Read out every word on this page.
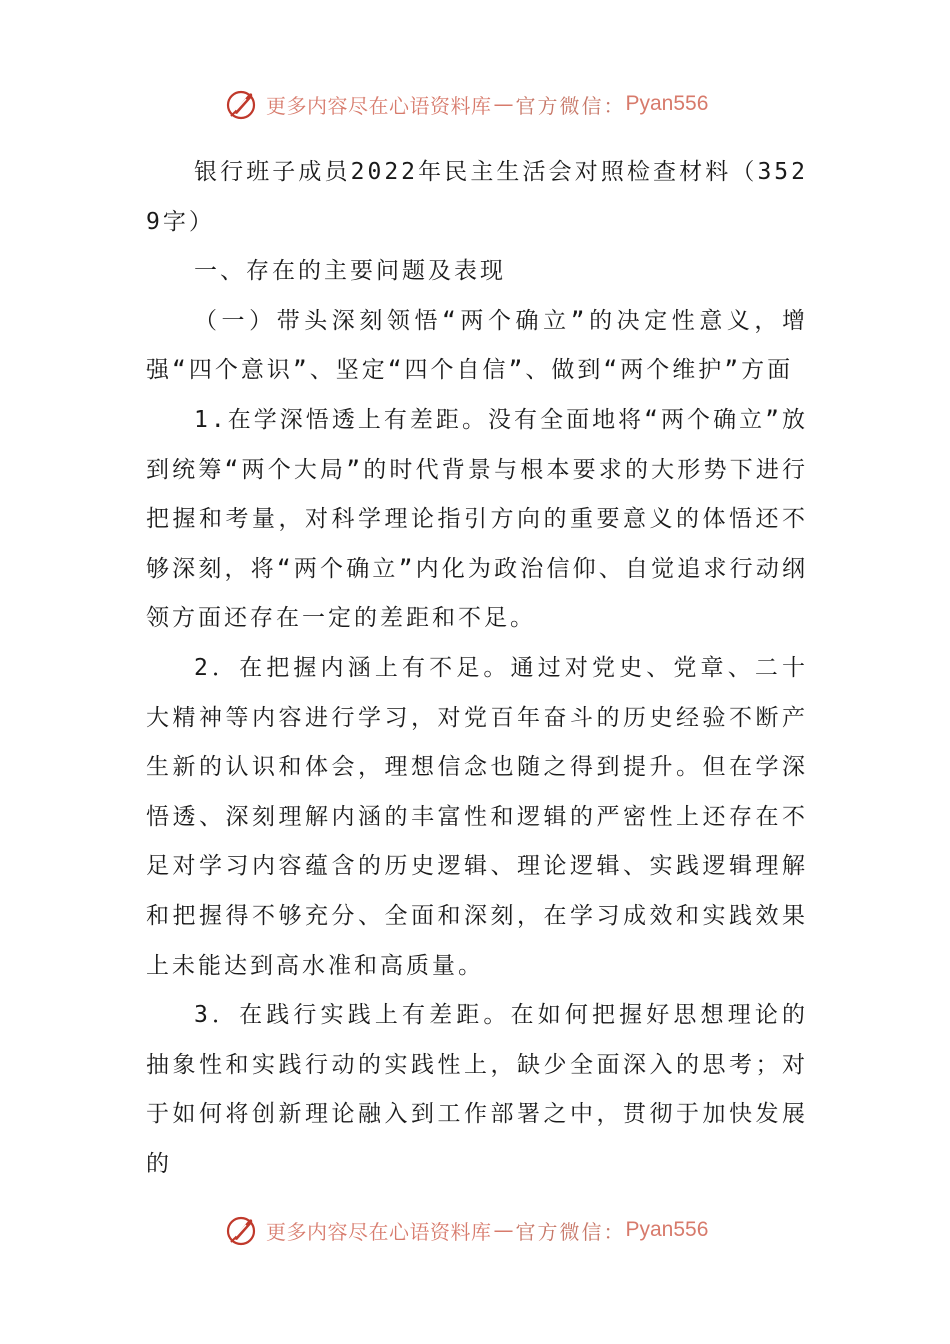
更多内容尽在心语资料库 — 官方微信： Pyan556

银行班子成员2022年民主生活会对照检查材料（3529字）

一、存在的主要问题及表现

（一）带头深刻领悟“两个确立”的决定性意义，增强“四个意识”、坚定“四个自信”、做到“两个维护”方面

1.在学深悟透上有差距。没有全面地将“两个确立”放到统筹“两个大局”的时代背景与根本要求的大形势下进行把握和考量，对科学理论指引方向的重要意义的体悟还不够深刻，将“两个确立”内化为政治信仰、自觉追求行动纲领方面还存在一定的差距和不足。

2．在把握内涵上有不足。通过对党史、党章、二十大精神等内容进行学习，对党百年奋斗的历史经验不断产生新的认识和体会，理想信念也随之得到提升。但在学深悟透、深刻理解内涵的丰富性和逻辑的严密性上还存在不足对学习内容蕴含的历史逻辑、理论逻辑、实践逻辑理解和把握得不够充分、全面和深刻，在学习成效和实践效果上未能达到高水准和高质量。

3．在践行实践上有差距。在如何把握好思想理论的抽象性和实践行动的实践性上，缺少全面深入的思考；对于如何将创新理论融入到工作部署之中，贯彻于加快发展的

更多内容尽在心语资料库 — 官方微信： Pyan556
